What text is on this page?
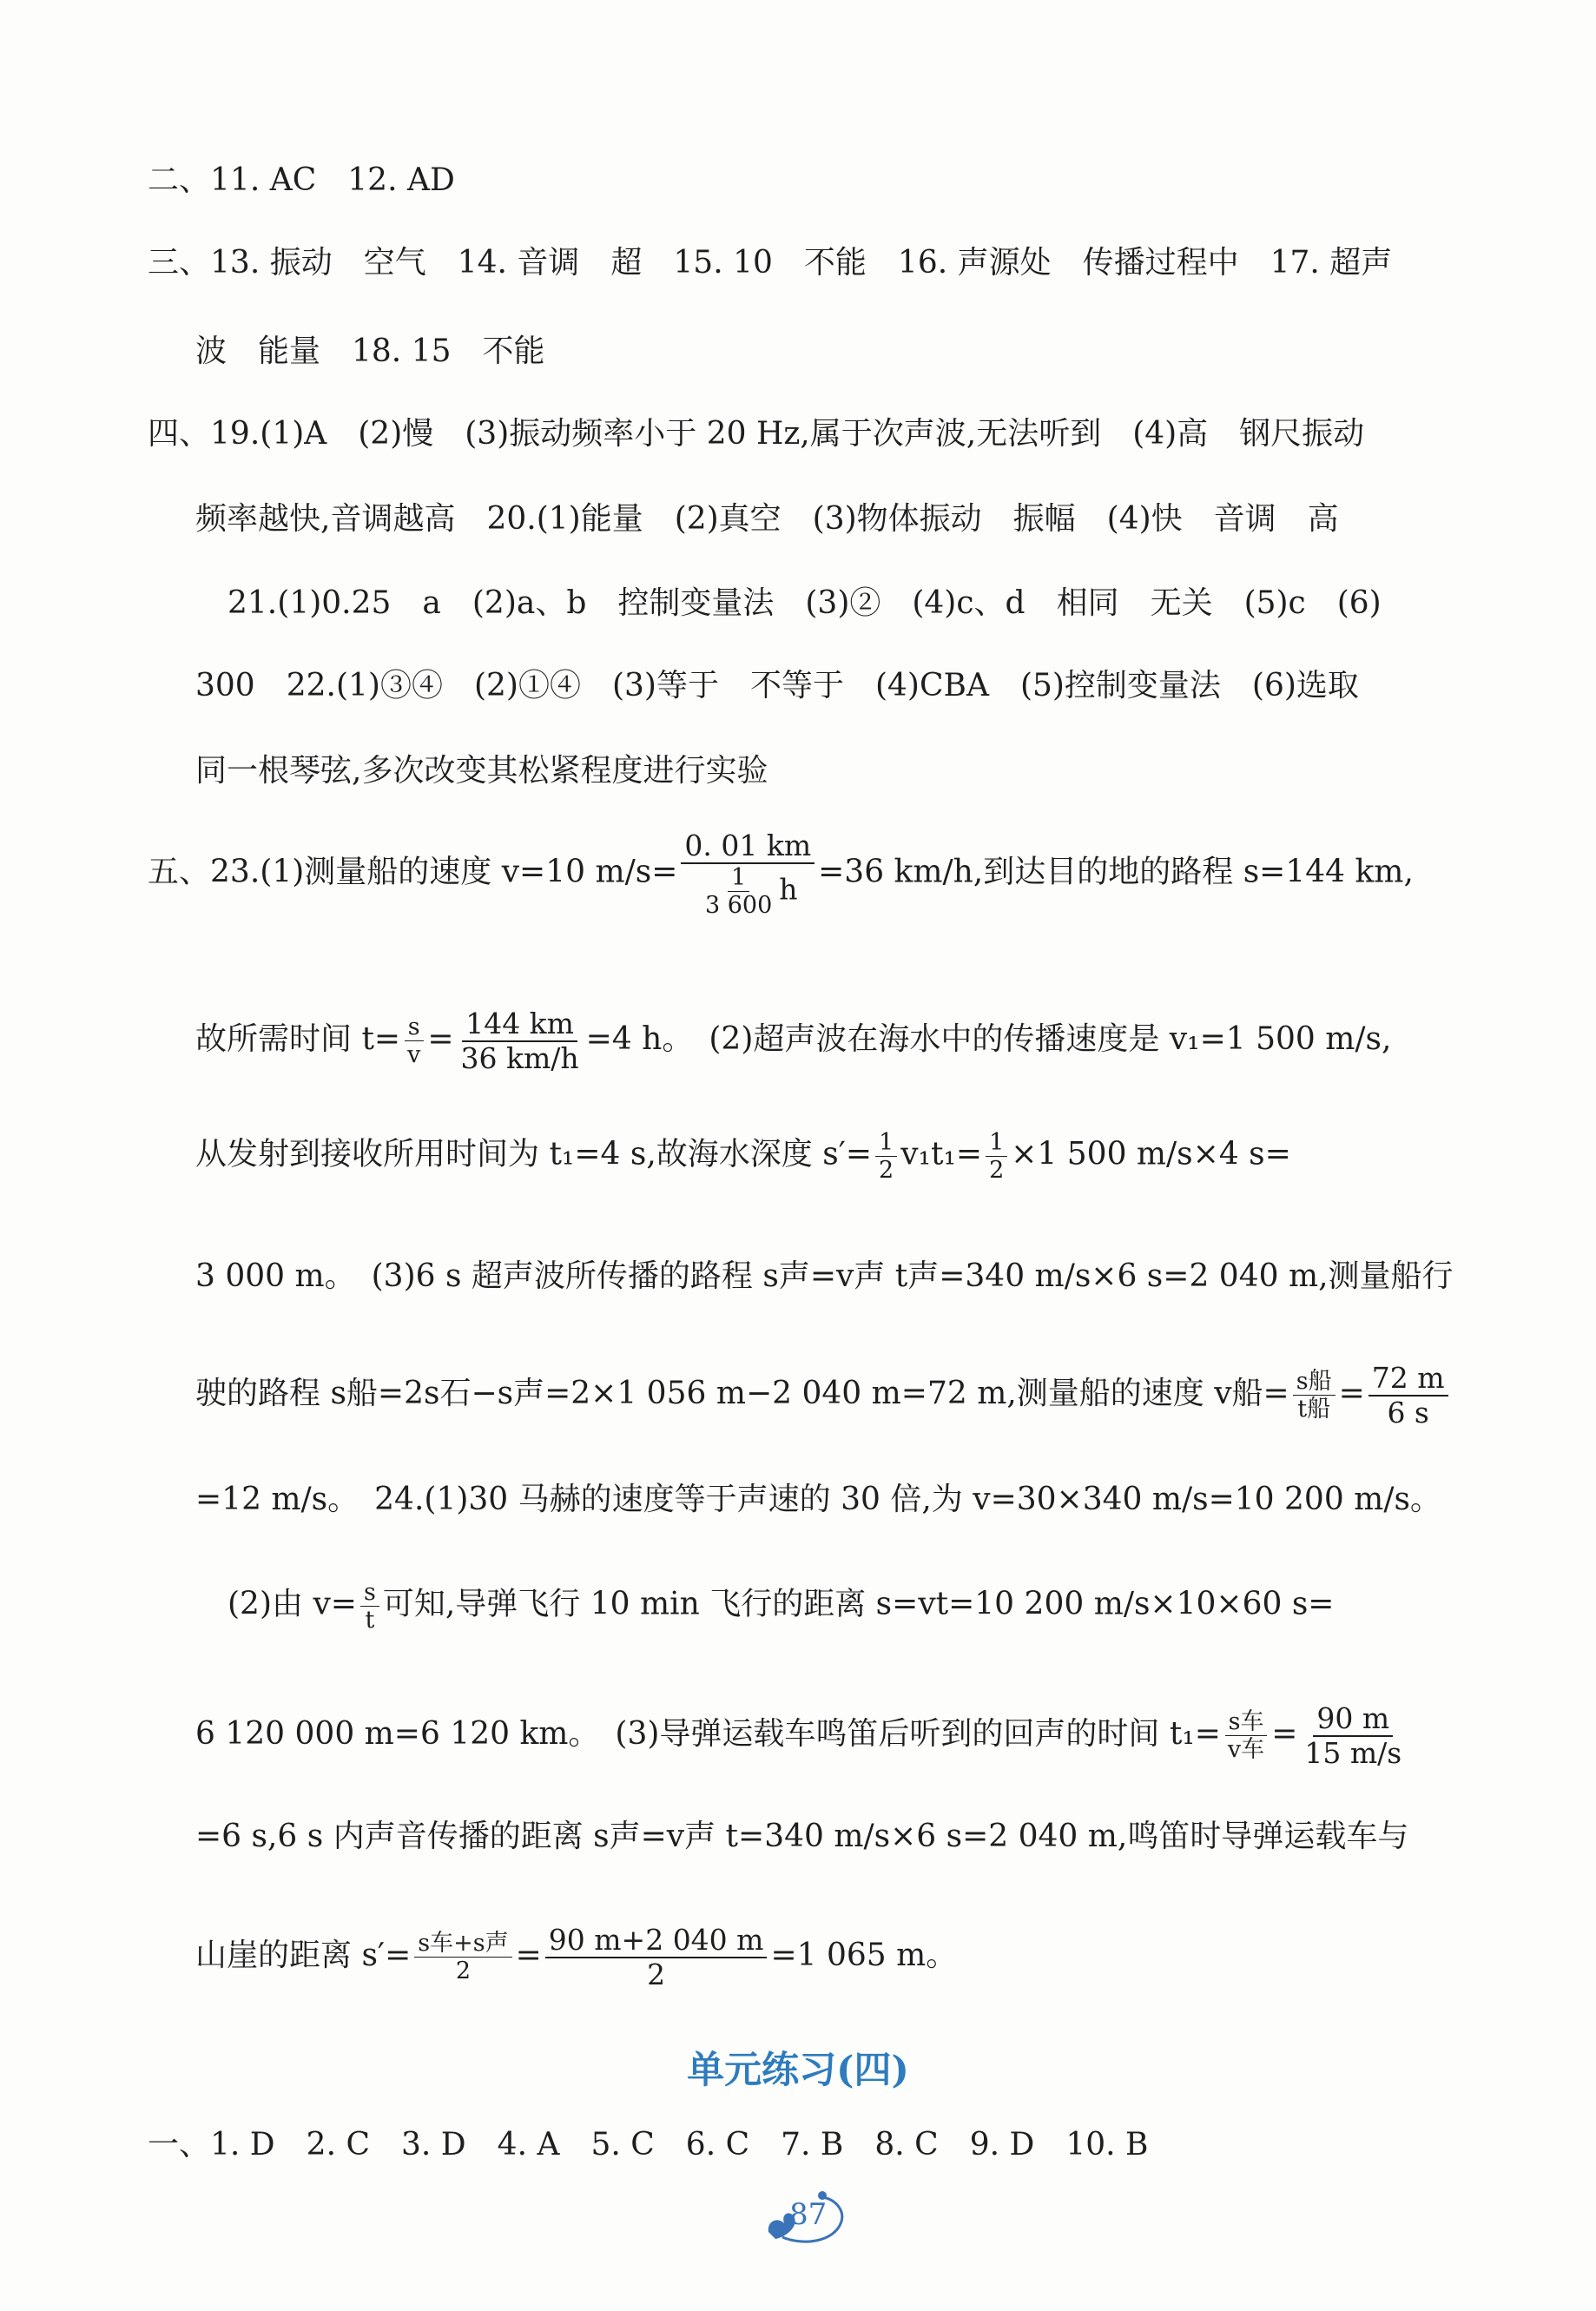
二、11. AC　12. AD
三、13. 振动　空气　14. 音调　超　15. 10　不能　16. 声源处　传播过程中　17. 超声
波　能量　18. 15　不能
四、19.(1)A　(2)慢　(3)振动频率小于 20 Hz,属于次声波,无法听到　(4)高　钢尺振动
频率越快,音调越高　20.(1)能量　(2)真空　(3)物体振动　振幅　(4)快　音调　高
21.(1)0.25　a　(2)a、b　控制变量法　(3)②　(4)c、d　相同　无关　(5)c　(6)
300　22.(1)③④　(2)①④　(3)等于　不等于　(4)CBA　(5)控制变量法　(6)选取
同一根琴弦,多次改变其松紧程度进行实验
五、23.(1)测量船的速度 v=10 $m/s= \frac{0. 01 km}{\frac{1}{3 600} h} =36$ km/h,到达目的地的路程 s=144 km,
故所需时间 $t= \frac{s}{v} = \frac{144 km}{36 km/h} =4$ h。　(2)超声波在海水中的传播速度是 v₁=1 500 m/s,
从发射到接收所用时间为 t₁=4 s,故海水深度 $s'= \frac{1}{2} v_1t_1= \frac{1}{2} \times 1$ 500 m/s×4 s=
3 000 m。　(3)6 s 超声波所传播的路程 s声=v声 t声=340 m/s×6 s=2 040 m,测量船行
驶的路程 s船=2s石−s声=2×1 056 m−2 040 m=72 m,测量船的速度 v船= $\frac{\text{s船}}{\text{t船}} = \frac{72 m}{6 s}$
=12 m/s。　24.(1)30 马赫的速度等于声速的 30 倍,为 v=30×340 m/s=10 200 m/s。
(2)由 $v= \frac{s}{t}$ 可知,导弹飞行 10 min 飞行的距离 s=vt=10 200 m/s×10×60 s=
6 120 000 m=6 120 km。　(3)导弹运载车鸣笛后听到的回声的时间 $t_1= \frac{\text{s车}}{\text{v车}} = \frac{90 m}{15 m/s}$
=6 s,6 s 内声音传播的距离 s声=v声 t=340 m/s×6 s=2 040 m,鸣笛时导弹运载车与
山崖的距离 $s'= \frac{\text{s车+s声}}{2} = \frac{90 m+2 040 m}{2} =1$ 065 m。
单元练习(四)
一、1. D　2. C　3. D　4. A　5. C　6. C　7. B　8. C　9. D　10. B
87
